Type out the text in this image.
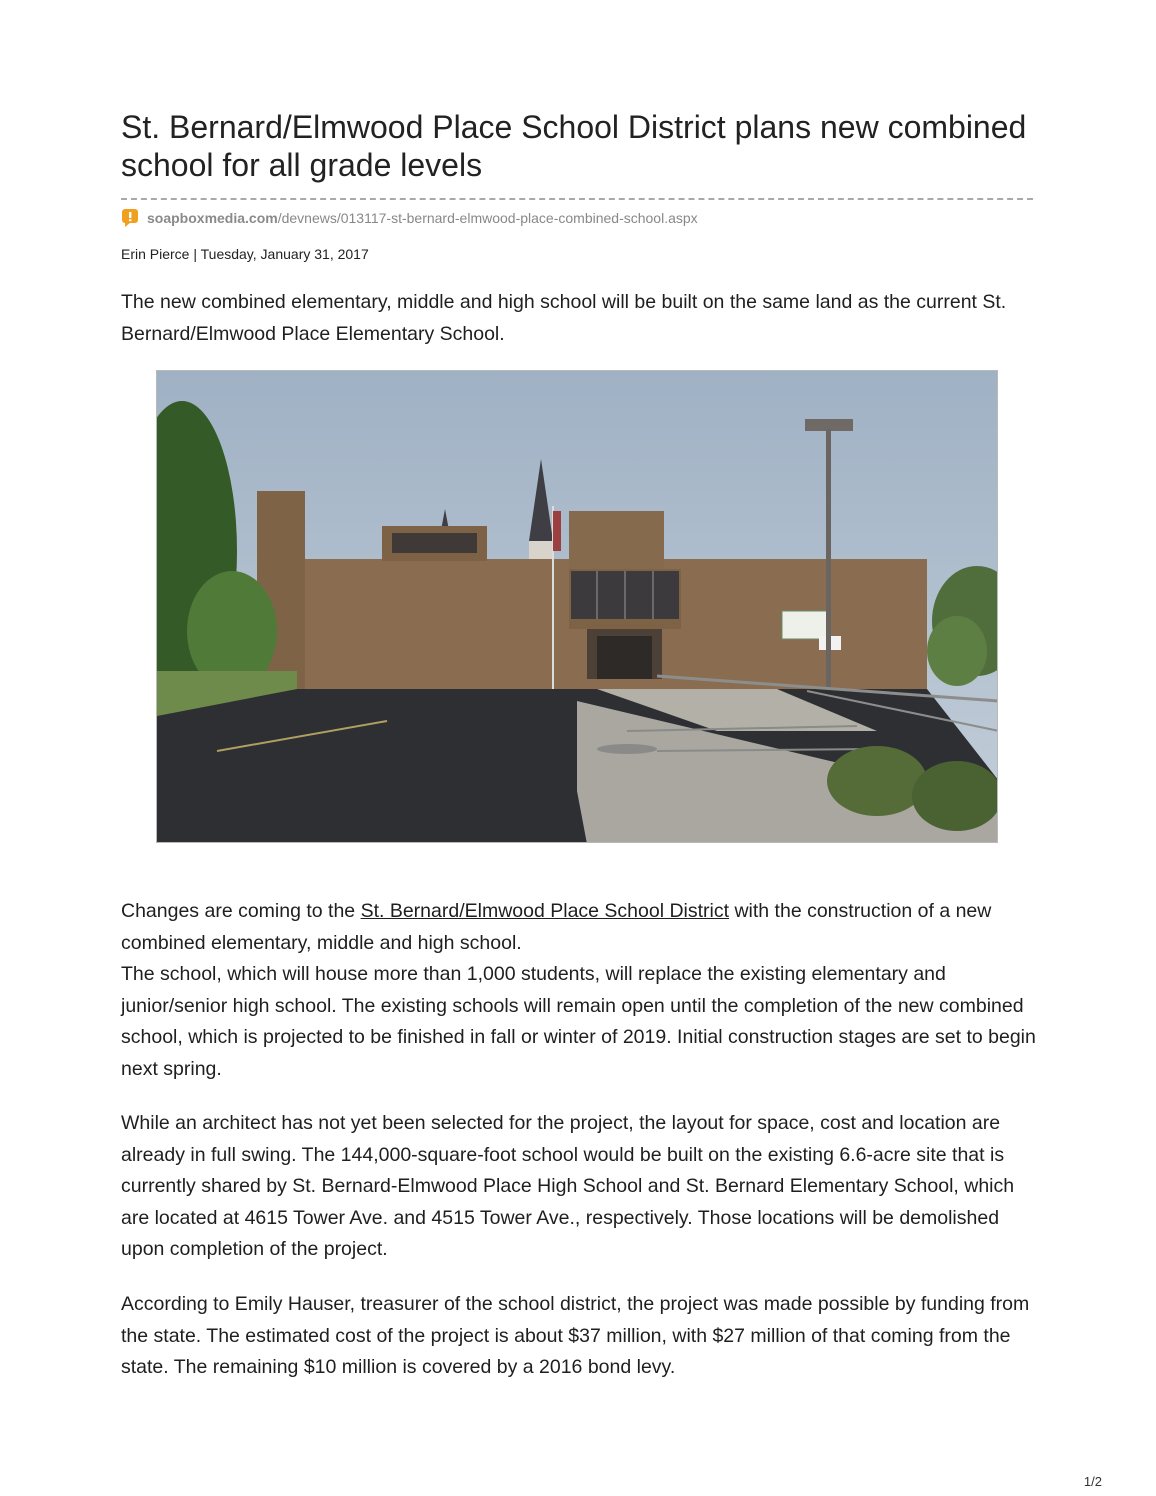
St. Bernard/Elmwood Place School District plans new combined school for all grade levels
soapboxmedia.com /devnews/013117-st-bernard-elmwood-place-combined-school.aspx
Erin Pierce | Tuesday, January 31, 2017

The new combined elementary, middle and high school will be built on the same land as the current St. Bernard/Elmwood Place Elementary School.

Changes are coming to the St. Bernard/Elmwood Place School District with the construction of a new combined elementary, middle and high school.
The school, which will house more than 1,000 students, will replace the existing elementary and junior/senior high school. The existing schools will remain open until the completion of the new combined school, which is projected to be finished in fall or winter of 2019. Initial construction stages are set to begin next spring.

While an architect has not yet been selected for the project, the layout for space, cost and location are already in full swing. The 144,000-square-foot school would be built on the existing 6.6-acre site that is currently shared by St. Bernard-Elmwood Place High School and St. Bernard Elementary School, which are located at 4615 Tower Ave. and 4515 Tower Ave., respectively. Those locations will be demolished upon completion of the project.

According to Emily Hauser, treasurer of the school district, the project was made possible by funding from the state. The estimated cost of the project is about $37 million, with $27 million of that coming from the state. The remaining $10 million is covered by a 2016 bond levy.

1/2
